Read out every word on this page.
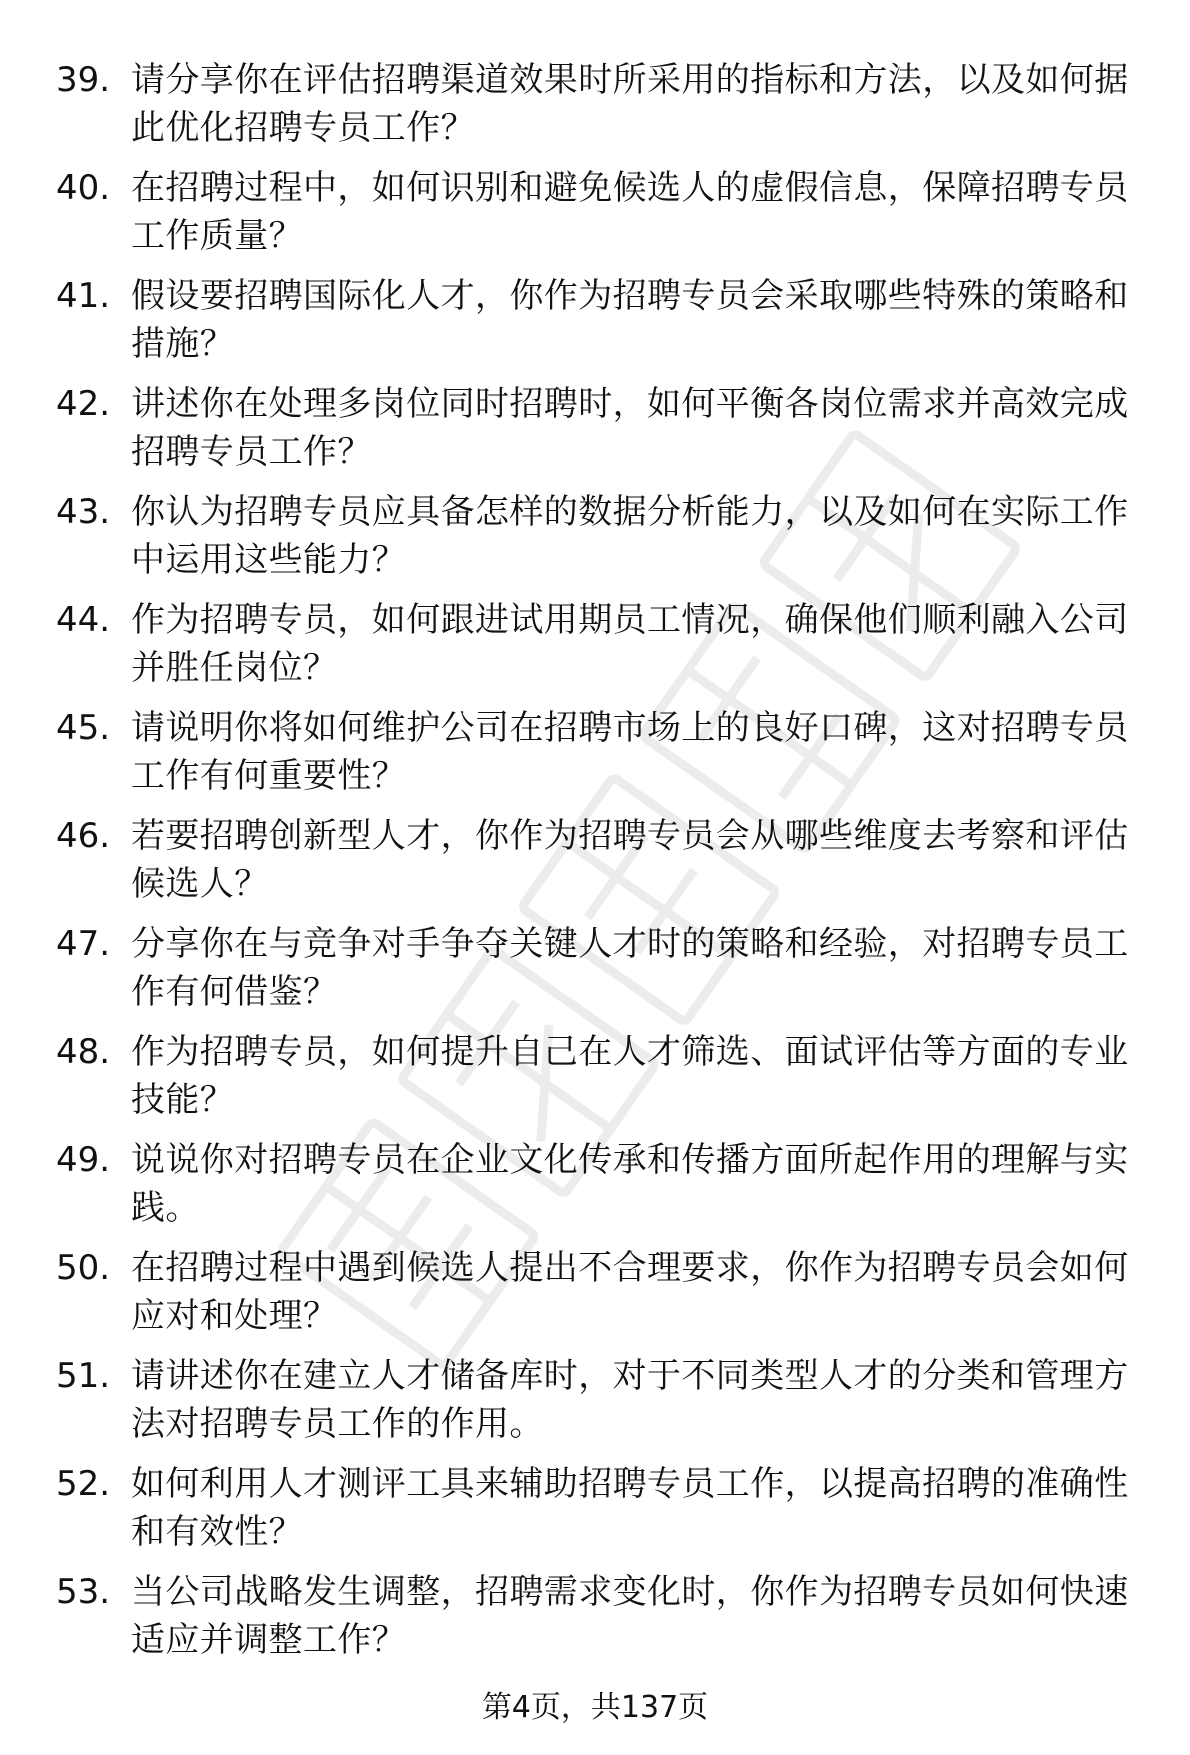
39. 请分享你在评估招聘渠道效果时所采用的指标和方法，以及如何据此优化招聘专员工作？
40. 在招聘过程中，如何识别和避免候选人的虚假信息，保障招聘专员工作质量？
41. 假设要招聘国际化人才，你作为招聘专员会采取哪些特殊的策略和措施？
42. 讲述你在处理多岗位同时招聘时，如何平衡各岗位需求并高效完成招聘专员工作？
43. 你认为招聘专员应具备怎样的数据分析能力，以及如何在实际工作中运用这些能力？
44. 作为招聘专员，如何跟进试用期员工情况，确保他们顺利融入公司并胜任岗位？
45. 请说明你将如何维护公司在招聘市场上的良好口碑，这对招聘专员工作有何重要性？
46. 若要招聘创新型人才，你作为招聘专员会从哪些维度去考察和评估候选人？
47. 分享你在与竞争对手争夺关键人才时的策略和经验，对招聘专员工作有何借鉴？
48. 作为招聘专员，如何提升自己在人才筛选、面试评估等方面的专业技能？
49. 说说你对招聘专员在企业文化传承和传播方面所起作用的理解与实践。
50. 在招聘过程中遇到候选人提出不合理要求，你作为招聘专员会如何应对和处理？
51. 请讲述你在建立人才储备库时，对于不同类型人才的分类和管理方法对招聘专员工作的作用。
52. 如何利用人才测评工具来辅助招聘专员工作，以提高招聘的准确性和有效性？
53. 当公司战略发生调整，招聘需求变化时，你作为招聘专员如何快速适应并调整工作？
第4页，共137页
